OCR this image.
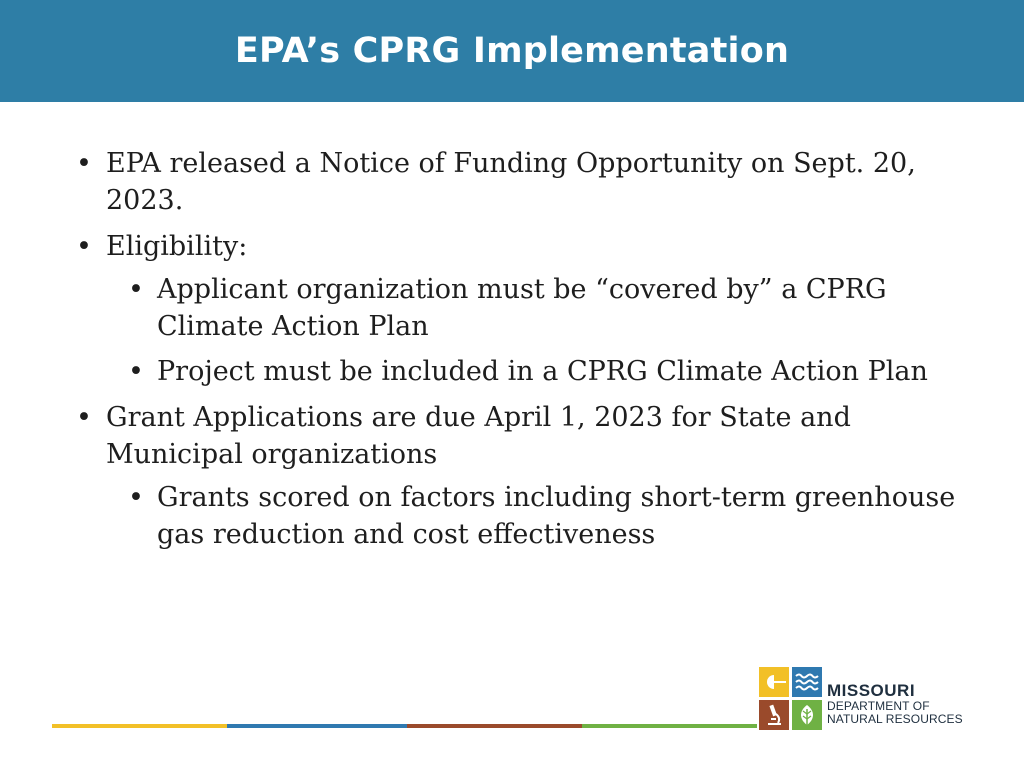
EPA’s CPRG Implementation
• EPA released a Notice of Funding Opportunity on Sept. 20, 2023.
• Eligibility:
• Applicant organization must be “covered by” a CPRG Climate Action Plan
• Project must be included in a CPRG Climate Action Plan
• Grant Applications are due April 1, 2023 for State and Municipal organizations
• Grants scored on factors including short-term greenhouse gas reduction and cost effectiveness
MISSOURI
DEPARTMENT OF
NATURAL RESOURCES
